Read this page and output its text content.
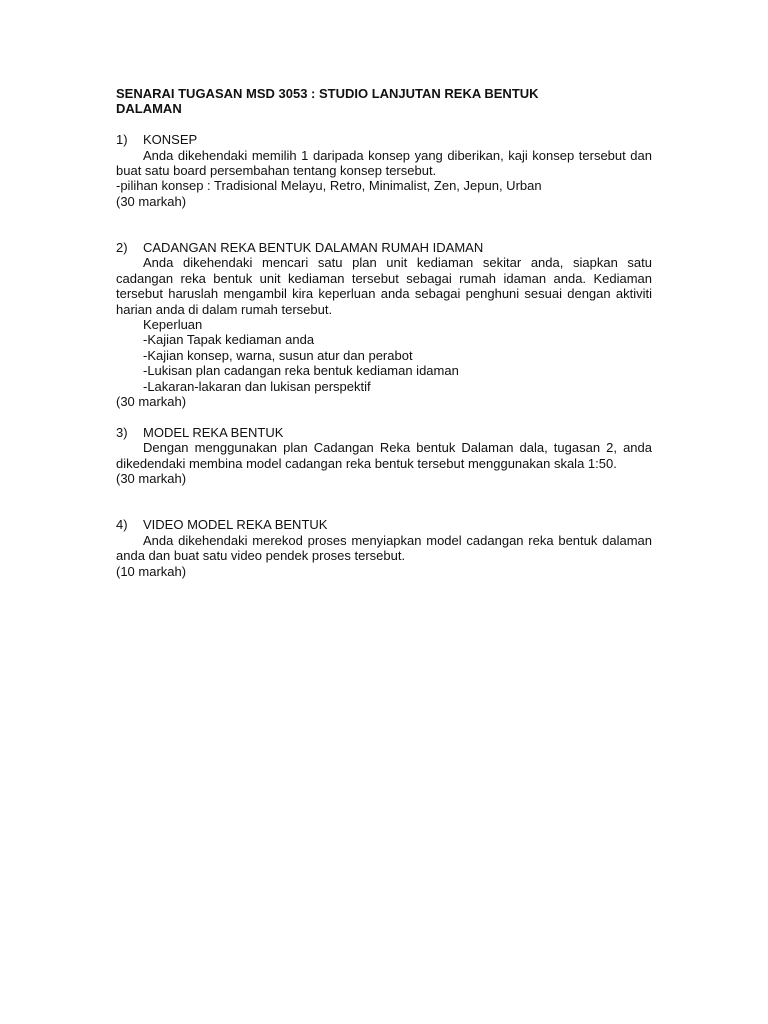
SENARAI TUGASAN MSD 3053 : STUDIO LANJUTAN REKA BENTUK DALAMAN

1)	KONSEP

Anda dikehendaki memilih 1 daripada konsep yang diberikan, kaji konsep tersebut dan buat satu board persembahan tentang konsep tersebut.

-pilihan konsep : Tradisional Melayu, Retro, Minimalist, Zen, Jepun, Urban

(30 markah)

2)	CADANGAN REKA BENTUK DALAMAN RUMAH IDAMAN

Anda dikehendaki mencari satu plan unit kediaman sekitar anda, siapkan satu cadangan reka bentuk unit kediaman tersebut sebagai rumah idaman anda. Kediaman tersebut haruslah mengambil kira keperluan anda sebagai penghuni sesuai dengan aktiviti harian anda di dalam rumah tersebut.

Keperluan

-Kajian Tapak kediaman anda

-Kajian konsep, warna, susun atur dan perabot

-Lukisan plan cadangan reka bentuk kediaman idaman

-Lakaran-lakaran dan lukisan perspektif

(30 markah)

3)	MODEL REKA BENTUK

Dengan menggunakan plan Cadangan Reka bentuk Dalaman dala, tugasan 2, anda dikedendaki membina model cadangan reka bentuk tersebut menggunakan skala 1:50.

(30 markah)

4)	VIDEO MODEL REKA BENTUK

Anda dikehendaki merekod proses menyiapkan model cadangan reka bentuk dalaman anda dan buat satu video pendek proses tersebut.

(10 markah)
